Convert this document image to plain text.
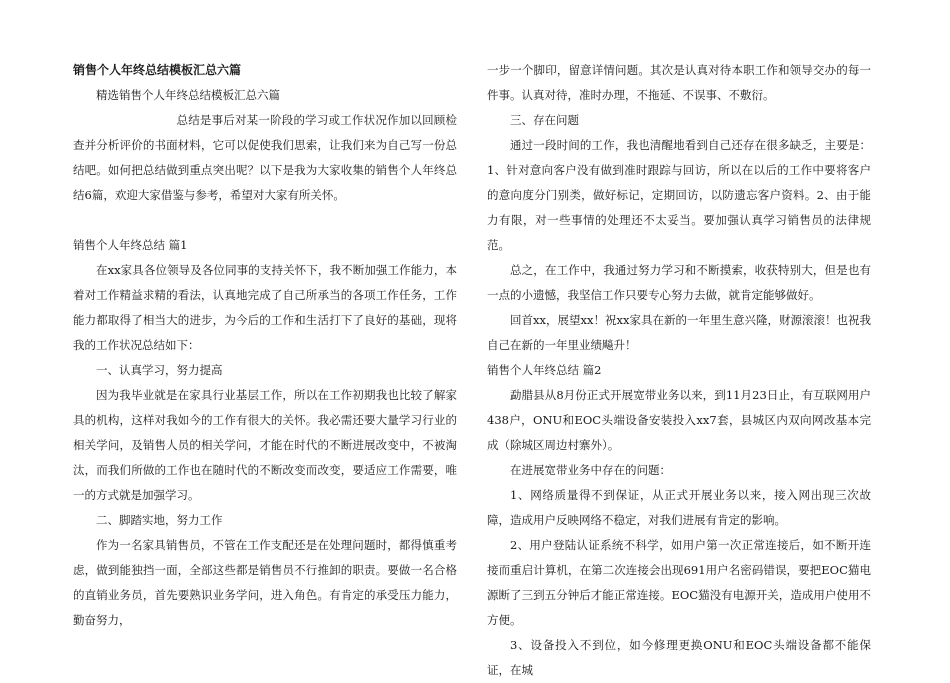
销售个人年终总结模板汇总六篇

精选销售个人年终总结模板汇总六篇

总结是事后对某一阶段的学习或工作状况作加以回顾检查并分析评价的书面材料，它可以促使我们思索，让我们来为自己写一份总结吧。如何把总结做到重点突出呢？以下是我为大家收集的销售个人年终总结6篇，欢迎大家借鉴与参考，希望对大家有所关怀。

销售个人年终总结 篇1

在xx家具各位领导及各位同事的支持关怀下，我不断加强工作能力，本着对工作精益求精的看法，认真地完成了自己所承当的各项工作任务，工作能力都取得了相当大的进步，为今后的工作和生活打下了良好的基础，现将我的工作状况总结如下：

一、认真学习，努力提高

因为我毕业就是在家具行业基层工作，所以在工作初期我也比较了解家具的机构，这样对我如今的工作有很大的关怀。我必需还要大量学习行业的相关学问，及销售人员的相关学问，才能在时代的不断进展改变中，不被淘汰，而我们所做的工作也在随时代的不断改变而改变，要适应工作需要，唯一的方式就是加强学习。

二、脚踏实地，努力工作

作为一名家具销售员，不管在工作支配还是在处理问题时，都得慎重考虑，做到能独挡一面，全部这些都是销售员不行推卸的职责。要做一名合格的直销业务员，首先要熟识业务学问，进入角色。有肯定的承受压力能力，勤奋努力，

一步一个脚印，留意详情问题。其次是认真对待本职工作和领导交办的每一件事。认真对待，准时办理，不拖延、不误事、不敷衍。

三、存在问题

通过一段时间的工作，我也清醒地看到自己还存在很多缺乏，主要是：1、针对意向客户没有做到准时跟踪与回访，所以在以后的工作中要将客户的意向度分门别类，做好标记，定期回访，以防遗忘客户资料。2、由于能力有限，对一些事情的处理还不太妥当。要加强认真学习销售员的法律规范。

总之，在工作中，我通过努力学习和不断摸索，收获特别大，但是也有一点的小遗憾，我坚信工作只要专心努力去做，就肯定能够做好。

回首xx，展望xx！祝xx家具在新的一年里生意兴隆，财源滚滚！也祝我自己在新的一年里业绩飚升！

销售个人年终总结 篇2

勐腊县从8月份正式开展宽带业务以来，到11月23日止，有互联网用户438户，ONU和EOC头端设备安装投入xx7套，县城区内双向网改基本完成（除城区周边村寨外）。

在进展宽带业务中存在的问题：

1、网络质量得不到保证，从正式开展业务以来，接入网出现三次故障，造成用户反映网络不稳定，对我们进展有肯定的影响。

2、用户登陆认证系统不科学，如用户第一次正常连接后，如不断开连接而重启计算机，在第二次连接会出现691用户名密码错误，要把EOC猫电源断了三到五分钟后才能正常连接。EOC猫没有电源开关，造成用户使用不方便。

3、设备投入不到位，如今修理更换ONU和EOC头端设备都不能保证，在城
